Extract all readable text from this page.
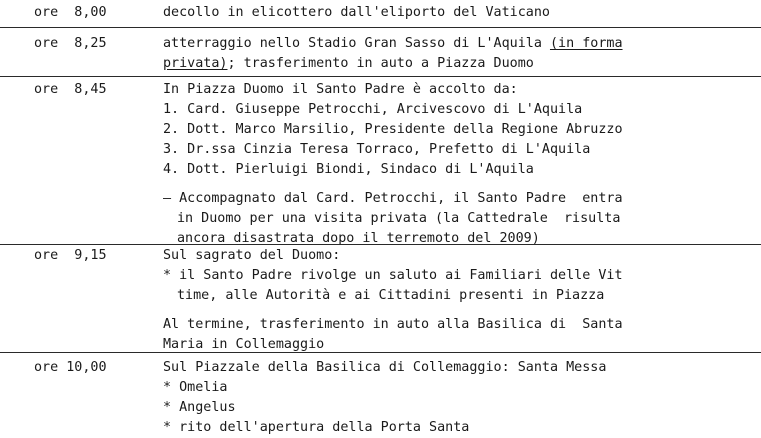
ore  8,00	decollo in elicottero dall'eliporto del Vaticano
ore  8,25	atterraggio nello Stadio Gran Sasso di L'Aquila (in forma
privata); trasferimento in auto a Piazza Duomo
ore  8,45	In Piazza Duomo il Santo Padre è accolto da:
1. Card. Giuseppe Petrocchi, Arcivescovo di L'Aquila
2. Dott. Marco Marsilio, Presidente della Regione Abruzzo
3. Dr.ssa Cinzia Teresa Torraco, Prefetto di L'Aquila
4. Dott. Pierluigi Biondi, Sindaco di L'Aquila
– Accompagnato dal Card. Petrocchi, il Santo Padre  entra
in Duomo per una visita privata (la Cattedrale  risulta
ancora disastrata dopo il terremoto del 2009)
ore  9,15	Sul sagrato del Duomo:
* il Santo Padre rivolge un saluto ai Familiari delle Vit
time, alle Autorità e ai Cittadini presenti in Piazza
Al termine, trasferimento in auto alla Basilica di  Santa
Maria in Collemaggio
ore 10,00	Sul Piazzale della Basilica di Collemaggio: Santa Messa
* Omelia
* Angelus
* rito dell'apertura della Porta Santa
